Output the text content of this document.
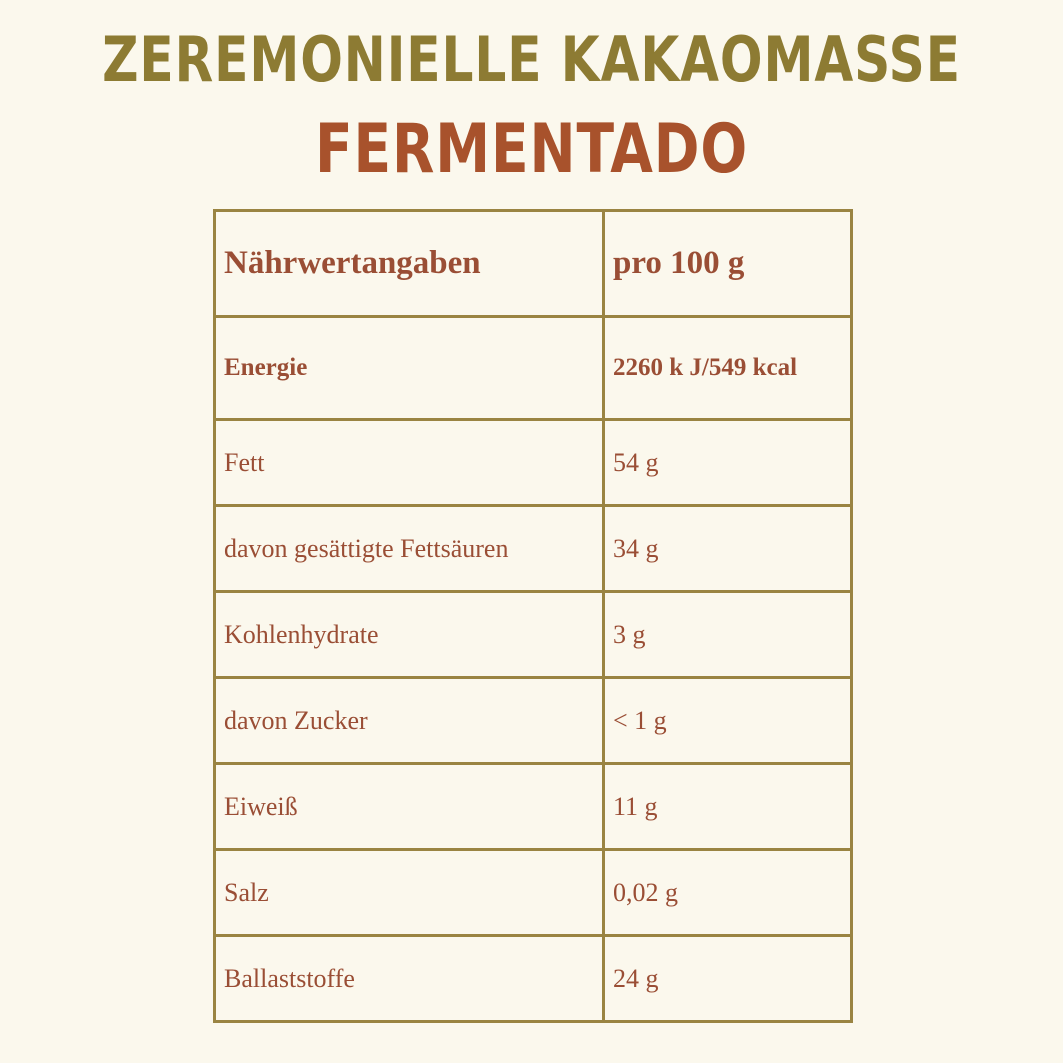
ZEREMONIELLE KAKAOMASSE
FERMENTADO
Nährwertangaben	pro 100 g
Energie	2260 k J/549 kcal
Fett	54 g
davon gesättigte Fettsäuren	34 g
Kohlenhydrate	3 g
davon Zucker	< 1 g
Eiweiß	11 g
Salz	0,02 g
Ballaststoffe	24 g
